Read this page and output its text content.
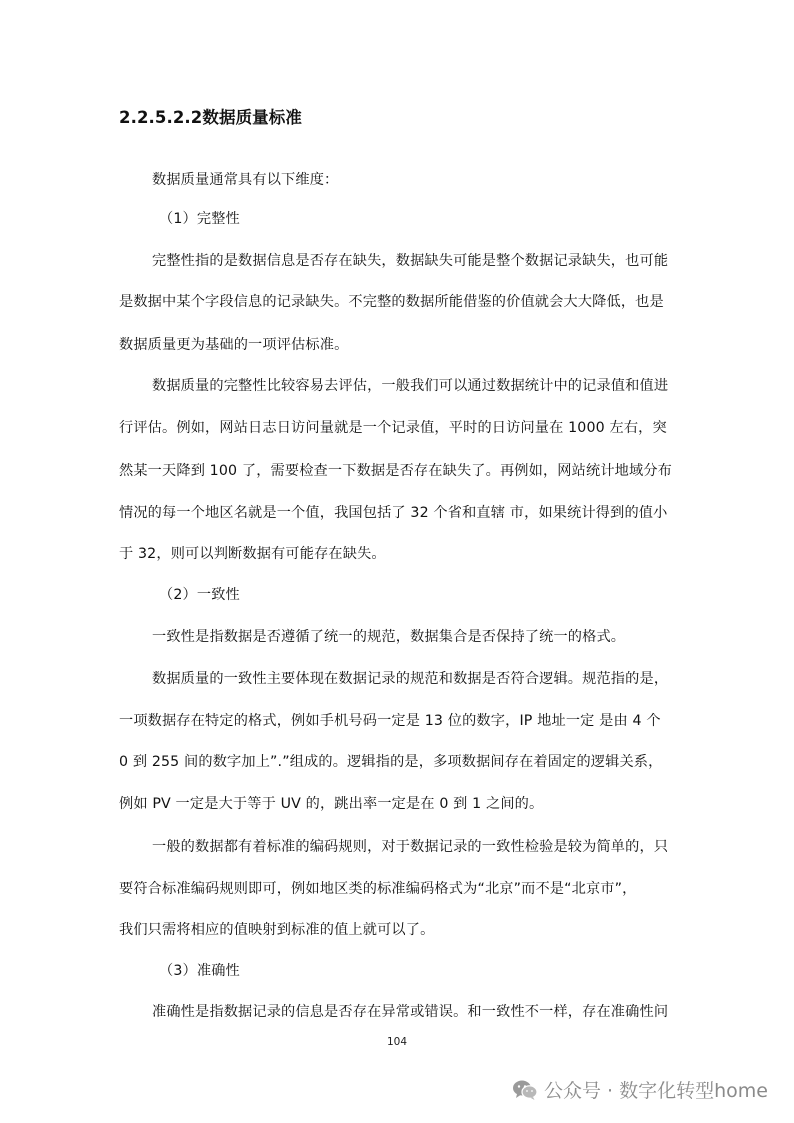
2.2.5.2.2数据质量标准
数据质量通常具有以下维度：
（1）完整性
完整性指的是数据信息是否存在缺失，数据缺失可能是整个数据记录缺失，也可能
是数据中某个字段信息的记录缺失。不完整的数据所能借鉴的价值就会大大降低，也是
数据质量更为基础的一项评估标准。
数据质量的完整性比较容易去评估，一般我们可以通过数据统计中的记录值和值进
行评估。例如，网站日志日访问量就是一个记录值，平时的日访问量在 1000 左右，突
然某一天降到 100 了，需要检查一下数据是否存在缺失了。再例如，网站统计地域分布
情况的每一个地区名就是一个值，我国包括了 32 个省和直辖 市，如果统计得到的值小
于 32，则可以判断数据有可能存在缺失。
（2）一致性
一致性是指数据是否遵循了统一的规范，数据集合是否保持了统一的格式。
数据质量的一致性主要体现在数据记录的规范和数据是否符合逻辑。规范指的是，
一项数据存在特定的格式，例如手机号码一定是 13 位的数字，IP 地址一定 是由 4 个
0 到 255 间的数字加上”.”组成的。逻辑指的是，多项数据间存在着固定的逻辑关系，
例如 PV 一定是大于等于 UV 的，跳出率一定是在 0 到 1 之间的。
一般的数据都有着标准的编码规则，对于数据记录的一致性检验是较为简单的，只
要符合标准编码规则即可，例如地区类的标准编码格式为“北京”而不是“北京市”，
我们只需将相应的值映射到标准的值上就可以了。
（3）准确性
准确性是指数据记录的信息是否存在异常或错误。和一致性不一样，存在准确性问
104
公众号 · 数字化转型home
